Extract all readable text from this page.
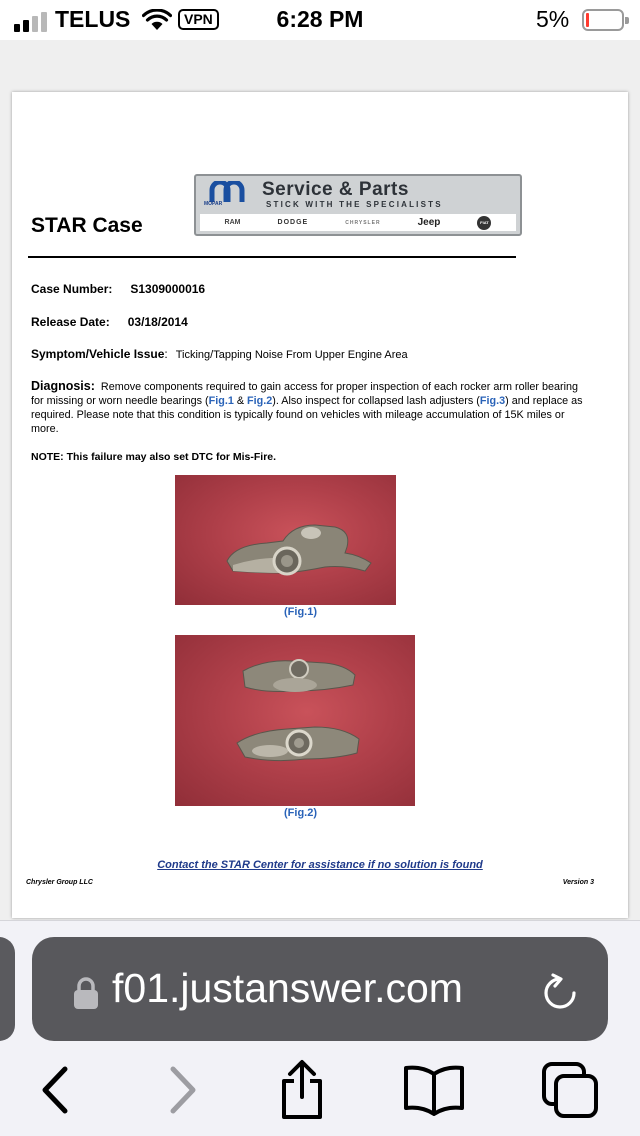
TELUS	VPN	6:28 PM	5%
MOPAR
Service & Parts
STICK WITH THE SPECIALISTS
RAM	DODGE	CHRYSLER	Jeep	FIAT
STAR Case
Case Number: S1309000016
Release Date: 03/18/2014
Symptom/Vehicle Issue: Ticking/Tapping Noise From Upper Engine Area
Diagnosis: Remove components required to gain access for proper inspection of each rocker arm roller bearing for missing or worn needle bearings (Fig.1 & Fig.2). Also inspect for collapsed lash adjusters (Fig.3) and replace as required. Please note that this condition is typically found on vehicles with mileage accumulation of 15K miles or more.
NOTE: This failure may also set DTC for Mis-Fire.
(Fig.1)
(Fig.2)
Contact the STAR Center for assistance if no solution is found
Chrysler Group LLC	Version 3
f01.justanswer.com
